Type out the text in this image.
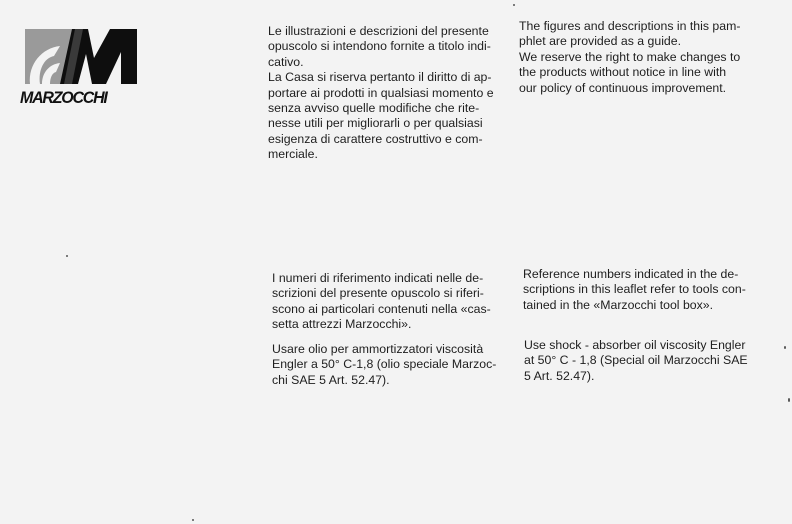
MARZOCCHI
Le illustrazioni e descrizioni del presente
opuscolo si intendono fornite a titolo indi-
cativo.
La Casa si riserva pertanto il diritto di ap-
portare ai prodotti in qualsiasi momento e
senza avviso quelle modifiche che rite-
nesse utili per migliorarli o per qualsiasi
esigenza di carattere costruttivo e com-
merciale.
The figures and descriptions in this pam-
phlet are provided as a guide.
We reserve the right to make changes to
the products without notice in line with
our policy of continuous improvement.
I numeri di riferimento indicati nelle de-
scrizioni del presente opuscolo si riferi-
scono ai particolari contenuti nella «cas-
setta attrezzi Marzocchi».
Reference numbers indicated in the de-
scriptions in this leaflet refer to tools con-
tained in the «Marzocchi tool box».
Usare olio per ammortizzatori viscosità
Engler a 50° C-1,8 (olio speciale Marzoc-
chi SAE 5 Art. 52.47).
Use shock - absorber oil viscosity Engler
at 50° C - 1,8 (Special oil Marzocchi SAE
5 Art. 52.47).
